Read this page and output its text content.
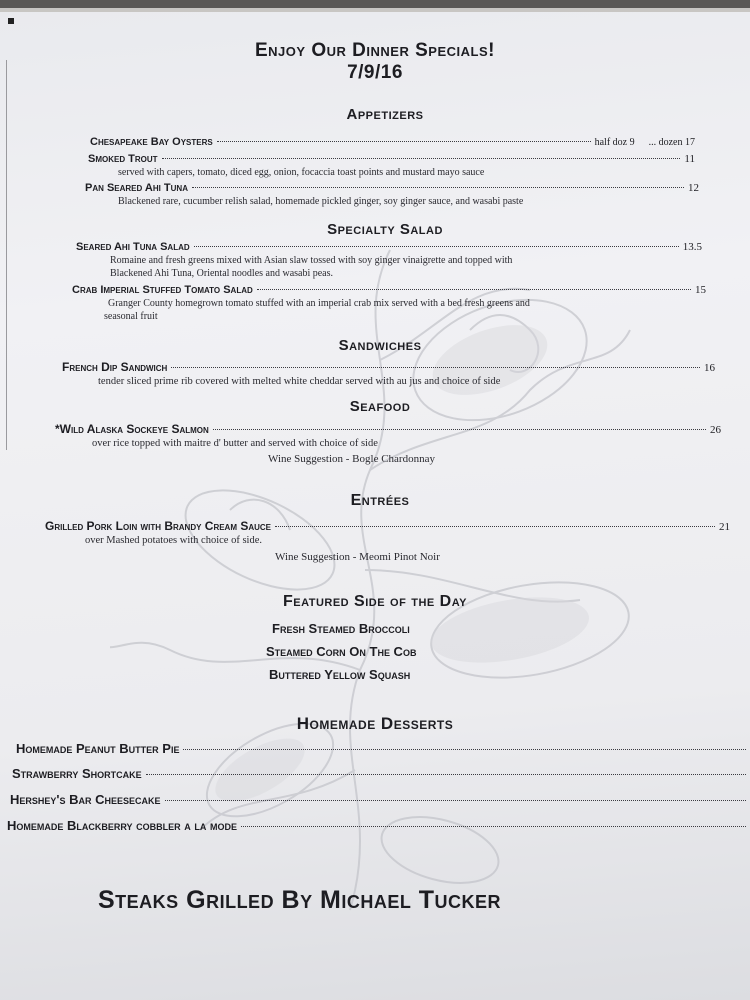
Enjoy Our Dinner Specials!
7/9/16
Appetizers
Chesapeake Bay Oysters	half doz 9 ... dozen 17
Smoked Trout	11
served with capers, tomato, diced egg, onion, focaccia toast points and mustard mayo sauce
Pan Seared Ahi Tuna	12
Blackened rare, cucumber relish salad, homemade pickled ginger, soy ginger sauce, and wasabi paste
Specialty Salad
Seared Ahi Tuna Salad	13.5
Romaine and fresh greens mixed with Asian slaw tossed with soy ginger vinaigrette and topped with
Blackened Ahi Tuna, Oriental noodles and wasabi peas.
Crab Imperial Stuffed Tomato Salad	15
Granger County homegrown tomato stuffed with an imperial crab mix served with a bed fresh greens and
seasonal fruit
Sandwiches
French Dip Sandwich	16
tender sliced prime rib covered with melted white cheddar served with au jus and choice of side
Seafood
*Wild Alaska Sockeye Salmon	26
over rice topped with maitre d' butter and served with choice of side
Wine Suggestion - Bogle Chardonnay
Entrées
Grilled Pork Loin with Brandy Cream Sauce	21
over Mashed potatoes with choice of side.
Wine Suggestion - Meomi Pinot Noir
Featured Side of the Day
Fresh Steamed Broccoli
Steamed Corn On The Cob
Buttered Yellow Squash
Homemade Desserts
Homemade Peanut Butter Pie
Strawberry Shortcake
Hershey's Bar Cheesecake
Homemade Blackberry cobbler a la mode
Steaks Grilled By Michael Tucker
